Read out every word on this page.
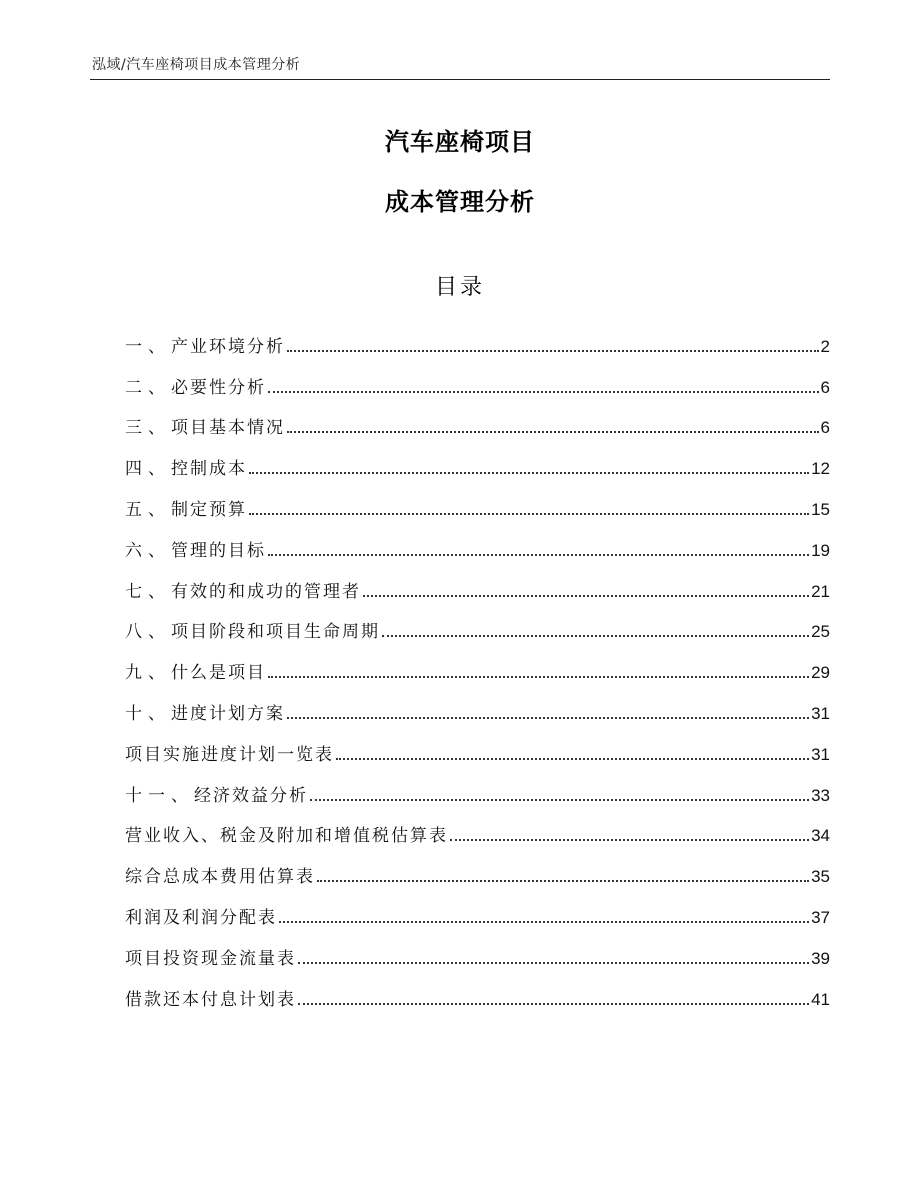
泓域/汽车座椅项目成本管理分析
汽车座椅项目
成本管理分析
目录
一、产业环境分析	2
二、必要性分析	6
三、项目基本情况	6
四、控制成本	12
五、制定预算	15
六、管理的目标	19
七、有效的和成功的管理者	21
八、项目阶段和项目生命周期	25
九、什么是项目	29
十、进度计划方案	31
项目实施进度计划一览表	31
十一、经济效益分析	33
营业收入、税金及附加和增值税估算表	34
综合总成本费用估算表	35
利润及利润分配表	37
项目投资现金流量表	39
借款还本付息计划表	41
